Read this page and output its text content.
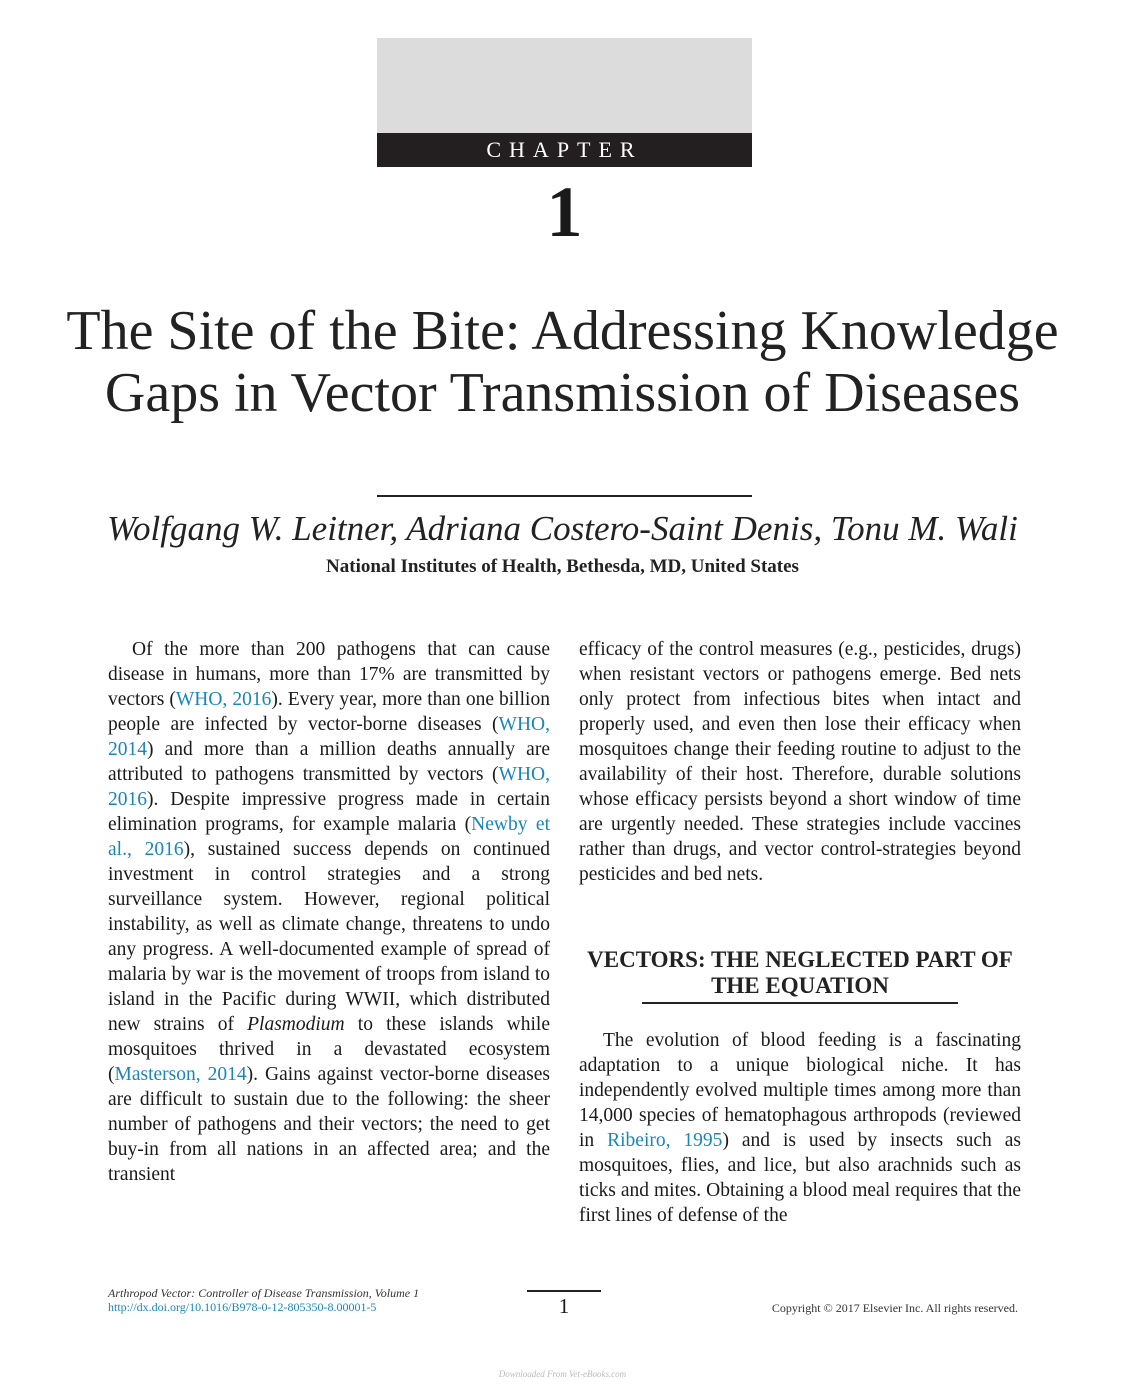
CHAPTER
1
The Site of the Bite: Addressing Knowledge Gaps in Vector Transmission of Diseases
Wolfgang W. Leitner, Adriana Costero-Saint Denis, Tonu M. Wali
National Institutes of Health, Bethesda, MD, United States

Of the more than 200 pathogens that can cause disease in humans, more than 17% are transmitted by vectors (WHO, 2016). Every year, more than one billion people are infected by vector-borne diseases (WHO, 2014) and more than a million deaths annually are attributed to pathogens transmitted by vectors (WHO, 2016). Despite impressive progress made in certain elimination programs, for example malaria (Newby et al., 2016), sustained success depends on continued investment in control strategies and a strong surveillance system. However, regional political instability, as well as climate change, threatens to undo any progress. A well-documented example of spread of malaria by war is the movement of troops from island to island in the Pacific during WWII, which distributed new strains of Plasmodium to these islands while mosquitoes thrived in a devastated ecosystem (Masterson, 2014). Gains against vector-borne diseases are difficult to sustain due to the following: the sheer number of pathogens and their vectors; the need to get buy-in from all nations in an affected area; and the transient

efficacy of the control measures (e.g., pesticides, drugs) when resistant vectors or pathogens emerge. Bed nets only protect from infectious bites when intact and properly used, and even then lose their efficacy when mosquitoes change their feeding routine to adjust to the availability of their host. Therefore, durable solutions whose efficacy persists beyond a short window of time are urgently needed. These strategies include vaccines rather than drugs, and vector control-strategies beyond pesticides and bed nets.

VECTORS: THE NEGLECTED PART OF THE EQUATION

The evolution of blood feeding is a fascinating adaptation to a unique biological niche. It has independently evolved multiple times among more than 14,000 species of hematophagous arthropods (reviewed in Ribeiro, 1995) and is used by insects such as mosquitoes, flies, and lice, but also arachnids such as ticks and mites. Obtaining a blood meal requires that the first lines of defense of the

Arthropod Vector: Controller of Disease Transmission, Volume 1
http://dx.doi.org/10.1016/B978-0-12-805350-8.00001-5	1	Copyright © 2017 Elsevier Inc. All rights reserved.
Downloaded From Vet-eBooks.com
